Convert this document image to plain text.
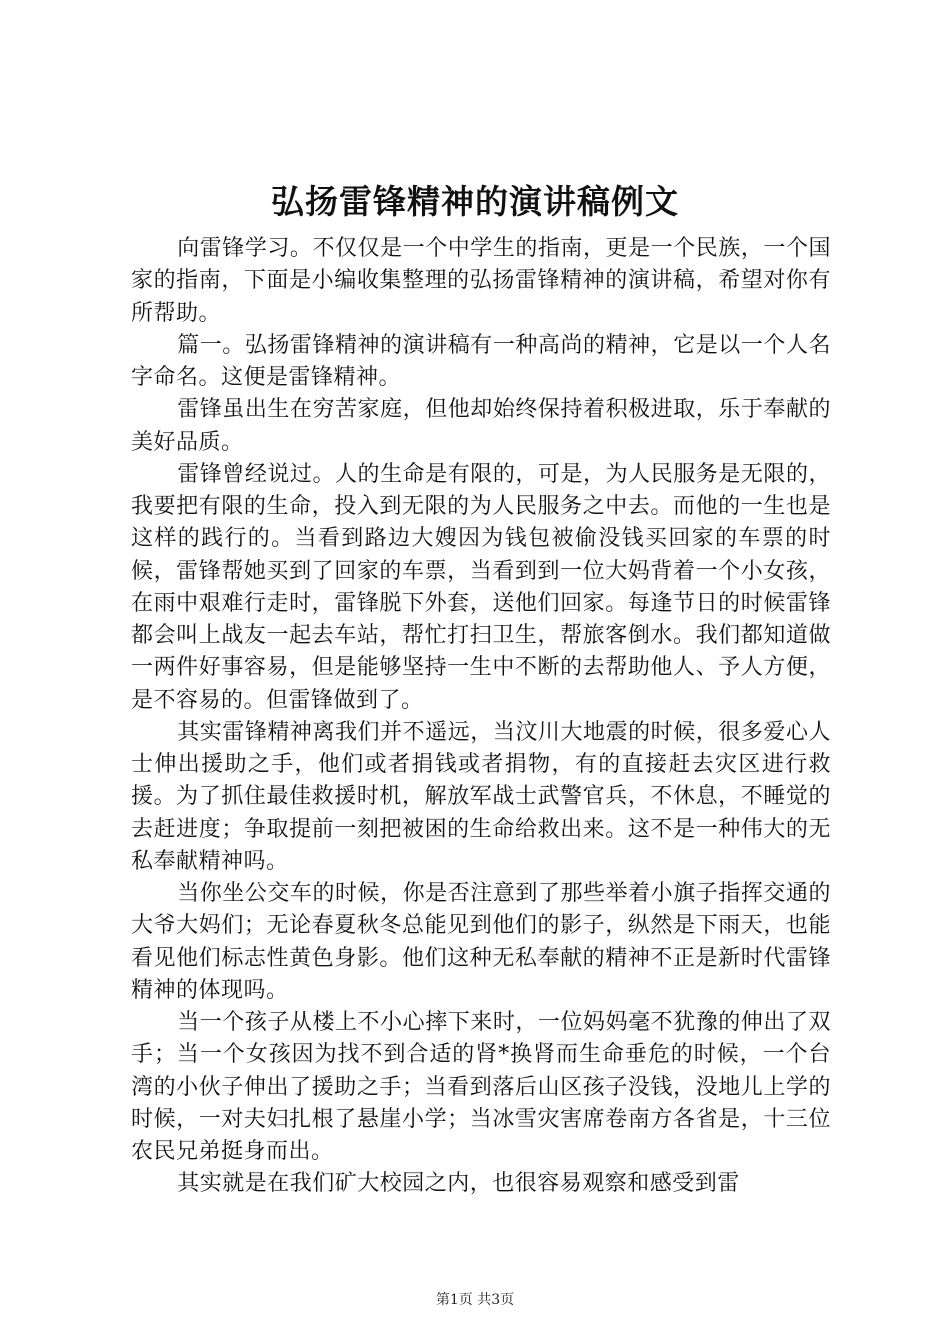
弘扬雷锋精神的演讲稿例文

向雷锋学习。不仅仅是一个中学生的指南，更是一个民族，一个国家的指南，下面是小编收集整理的弘扬雷锋精神的演讲稿，希望对你有所帮助。

篇一。弘扬雷锋精神的演讲稿有一种高尚的精神，它是以一个人名字命名。这便是雷锋精神。

雷锋虽出生在穷苦家庭，但他却始终保持着积极进取，乐于奉献的美好品质。

雷锋曾经说过。人的生命是有限的，可是，为人民服务是无限的，我要把有限的生命，投入到无限的为人民服务之中去。而他的一生也是这样的践行的。当看到路边大嫂因为钱包被偷没钱买回家的车票的时候，雷锋帮她买到了回家的车票，当看到到一位大妈背着一个小女孩，在雨中艰难行走时，雷锋脱下外套，送他们回家。每逢节日的时候雷锋都会叫上战友一起去车站，帮忙打扫卫生，帮旅客倒水。我们都知道做一两件好事容易，但是能够坚持一生中不断的去帮助他人、予人方便，是不容易的。但雷锋做到了。

其实雷锋精神离我们并不遥远，当汶川大地震的时候，很多爱心人士伸出援助之手，他们或者捐钱或者捐物，有的直接赶去灾区进行救援。为了抓住最佳救援时机，解放军战士武警官兵，不休息，不睡觉的去赶进度；争取提前一刻把被困的生命给救出来。这不是一种伟大的无私奉献精神吗。

当你坐公交车的时候，你是否注意到了那些举着小旗子指挥交通的大爷大妈们；无论春夏秋冬总能见到他们的影子，纵然是下雨天，也能看见他们标志性黄色身影。他们这种无私奉献的精神不正是新时代雷锋精神的体现吗。

当一个孩子从楼上不小心摔下来时，一位妈妈毫不犹豫的伸出了双手；当一个女孩因为找不到合适的肾*换肾而生命垂危的时候，一个台湾的小伙子伸出了援助之手；当看到落后山区孩子没钱，没地儿上学的时候，一对夫妇扎根了悬崖小学；当冰雪灾害席卷南方各省是，十三位农民兄弟挺身而出。

其实就是在我们矿大校园之内，也很容易观察和感受到雷

第1页 共3页
